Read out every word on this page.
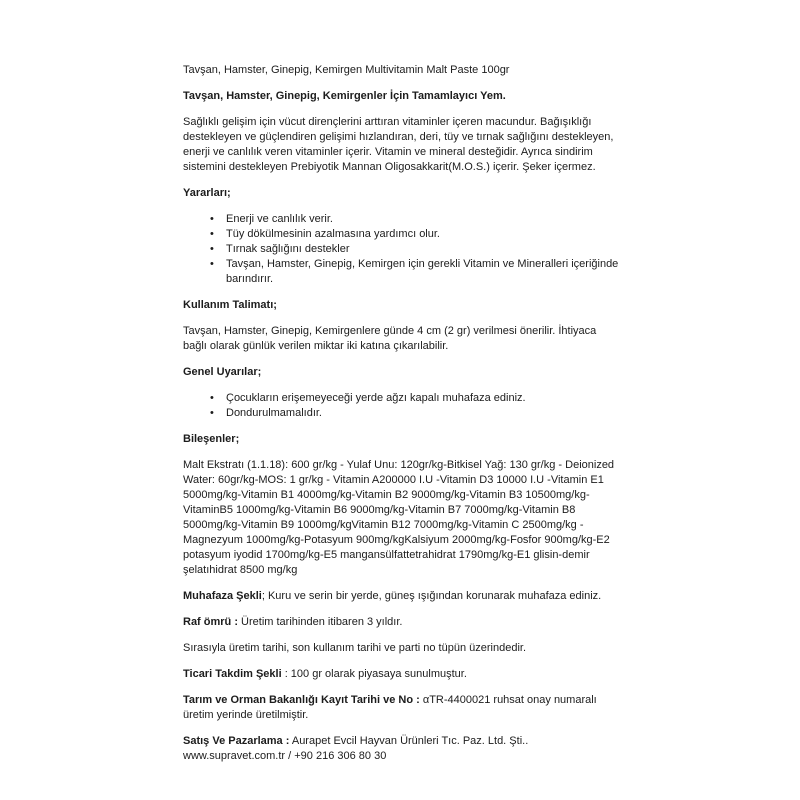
Tavşan, Hamster, Ginepig, Kemirgen Multivitamin Malt Paste 100gr

Tavşan, Hamster, Ginepig, Kemirgenler İçin Tamamlayıcı Yem.

Sağlıklı gelişim için vücut dirençlerini arttıran vitaminler içeren macundur. Bağışıklığı destekleyen ve güçlendiren gelişimi hızlandıran, deri, tüy ve tırnak sağlığını destekleyen, enerji ve canlılık veren vitaminler içerir. Vitamin ve mineral desteğidir. Ayrıca sindirim sistemini destekleyen Prebiyotik Mannan Oligosakkarit(M.O.S.) içerir. Şeker içermez.

Yararları;
• Enerji ve canlılık verir.
• Tüy dökülmesinin azalmasına yardımcı olur.
• Tırnak sağlığını destekler
• Tavşan, Hamster, Ginepig, Kemirgen için gerekli Vitamin ve Mineralleri içeriğinde barındırır.
Kullanım Talimatı;

Tavşan, Hamster, Ginepig, Kemirgenlere günde 4 cm (2 gr) verilmesi önerilir. İhtiyaca bağlı olarak günlük verilen miktar iki katına çıkarılabilir.

Genel Uyarılar;
• Çocukların erişemeyeceği yerde ağzı kapalı muhafaza ediniz.
• Dondurulmamalıdır.
Bileşenler;

Malt Ekstratı (1.1.18): 600 gr/kg - Yulaf Unu: 120gr/kg-Bitkisel Yağ: 130 gr/kg - Deionized Water: 60gr/kg-MOS: 1 gr/kg - Vitamin A200000 I.U -Vitamin D3 10000 I.U -Vitamin E1 5000mg/kg-Vitamin B1 4000mg/kg-Vitamin B2 9000mg/kg-Vitamin B3 10500mg/kg-VitaminB5 1000mg/kg-Vitamin B6 9000mg/kg-Vitamin B7 7000mg/kg-Vitamin B8 5000mg/kg-Vitamin B9 1000mg/kgVitamin B12 7000mg/kg-Vitamin C 2500mg/kg -Magnezyum 1000mg/kg-Potasyum 900mg/kgKalsiyum 2000mg/kg-Fosfor 900mg/kg-E2 potasyum iyodid 1700mg/kg-E5 mangansülfattetrahidrat 1790mg/kg-E1 glisin-demir şelatıhidrat 8500 mg/kg

Muhafaza Şekli; Kuru ve serin bir yerde, güneş ışığından korunarak muhafaza ediniz.

Raf ömrü : Üretim tarihinden itibaren 3 yıldır.

Sırasıyla üretim tarihi, son kullanım tarihi ve parti no tüpün üzerindedir.

Ticari Takdim Şekli : 100 gr olarak piyasaya sunulmuştur.

Tarım ve Orman Bakanlığı Kayıt Tarihi ve No : αTR-4400021 ruhsat onay numaralı üretim yerinde üretilmiştir.

Satış Ve Pazarlama : Aurapet Evcil Hayvan Ürünleri Tıc. Paz. Ltd. Şti.. www.supravet.com.tr / +90 216 306 80 30
